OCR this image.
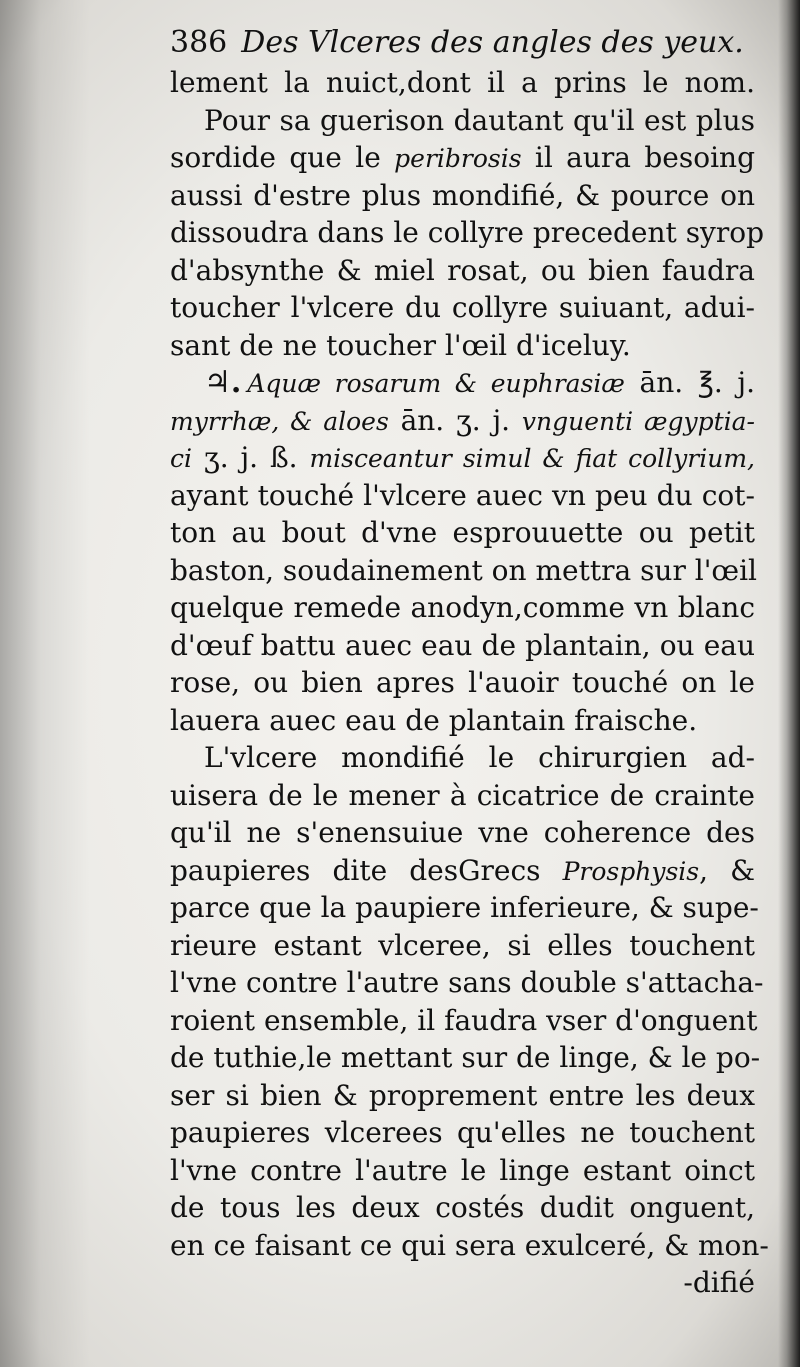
386 Des Vlceres des angles des yeux.
lement la nuict,dont il a prins le nom.
Pour sa guerison dautant qu'il est plus
sordide que le peribrosis il aura besoing
aussi d'estre plus mondifié, & pource on
dissoudra dans le collyre precedent syrop
d'absynthe & miel rosat, ou bien faudra
toucher l'vlcere du collyre suiuant, adui-
sant de ne toucher l'œil d'iceluy.
♃. Aquæ rosarum & euphrasiæ ān. ℥. j.
myrrhæ, & aloes ān. ʒ. j. vnguenti ægyptia-
ci ʒ. j. ß. misceantur simul & fiat collyrium,
ayant touché l'vlcere auec vn peu du cot-
ton au bout d'vne esprouuette ou petit
baston, soudainement on mettra sur l'œil
quelque remede anodyn,comme vn blanc
d'œuf battu auec eau de plantain, ou eau
rose, ou bien apres l'auoir touché on le
lauera auec eau de plantain fraische.
L'vlcere mondifié le chirurgien ad-
uisera de le mener à cicatrice de crainte
qu'il ne s'enensuiue vne coherence des
paupieres dite desGrecs Prosphysis, &
parce que la paupiere inferieure, & supe-
rieure estant vlceree, si elles touchent
l'vne contre l'autre sans double s'attacha-
roient ensemble, il faudra vser d'onguent
de tuthie,le mettant sur de linge, & le po-
ser si bien & proprement entre les deux
paupieres vlcerees qu'elles ne touchent
l'vne contre l'autre le linge estant oinct
de tous les deux costés dudit onguent,
en ce faisant ce qui sera exulceré, & mon-
-difié
